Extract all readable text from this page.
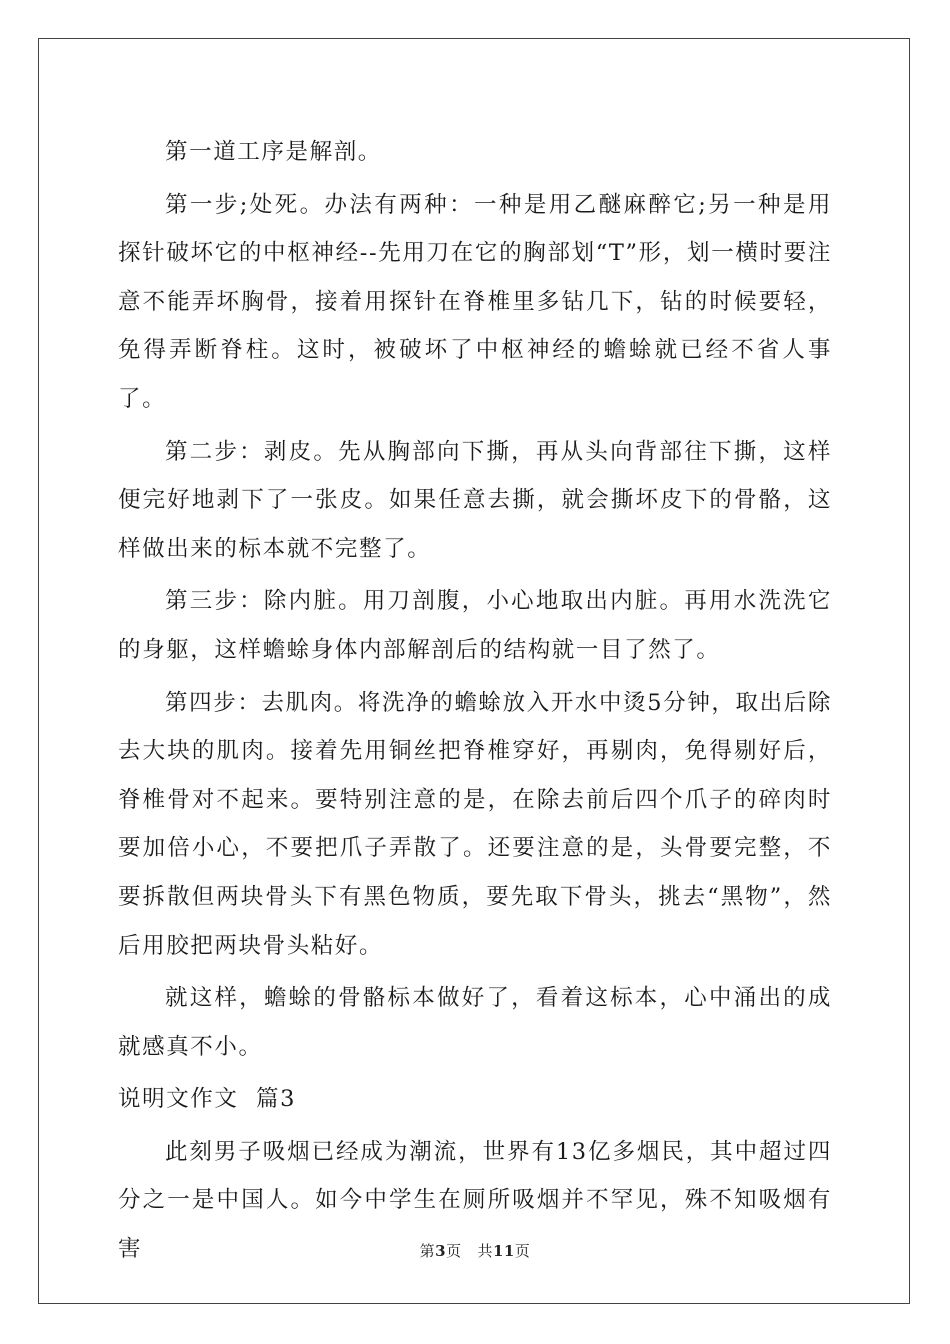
第一道工序是解剖。

第一步;处死。办法有两种：一种是用乙醚麻醉它;另一种是用探针破坏它的中枢神经--先用刀在它的胸部划“T”形，划一横时要注意不能弄坏胸骨，接着用探针在脊椎里多钻几下，钻的时候要轻，免得弄断脊柱。这时，被破坏了中枢神经的蟾蜍就已经不省人事了。

第二步：剥皮。先从胸部向下撕，再从头向背部往下撕，这样便完好地剥下了一张皮。如果任意去撕，就会撕坏皮下的骨骼，这样做出来的标本就不完整了。

第三步：除内脏。用刀剖腹，小心地取出内脏。再用水洗洗它的身躯，这样蟾蜍身体内部解剖后的结构就一目了然了。

第四步：去肌肉。将洗净的蟾蜍放入开水中烫5分钟，取出后除去大块的肌肉。接着先用铜丝把脊椎穿好，再剔肉，免得剔好后，脊椎骨对不起来。要特别注意的是，在除去前后四个爪子的碎肉时要加倍小心，不要把爪子弄散了。还要注意的是，头骨要完整，不要拆散但两块骨头下有黑色物质，要先取下骨头，挑去“黑物”，然后用胶把两块骨头粘好。

就这样，蟾蜍的骨骼标本做好了，看着这标本，心中涌出的成就感真不小。

说明文作文  篇3

此刻男子吸烟已经成为潮流，世界有13亿多烟民，其中超过四分之一是中国人。如今中学生在厕所吸烟并不罕见，殊不知吸烟有害	第3页 共11页
